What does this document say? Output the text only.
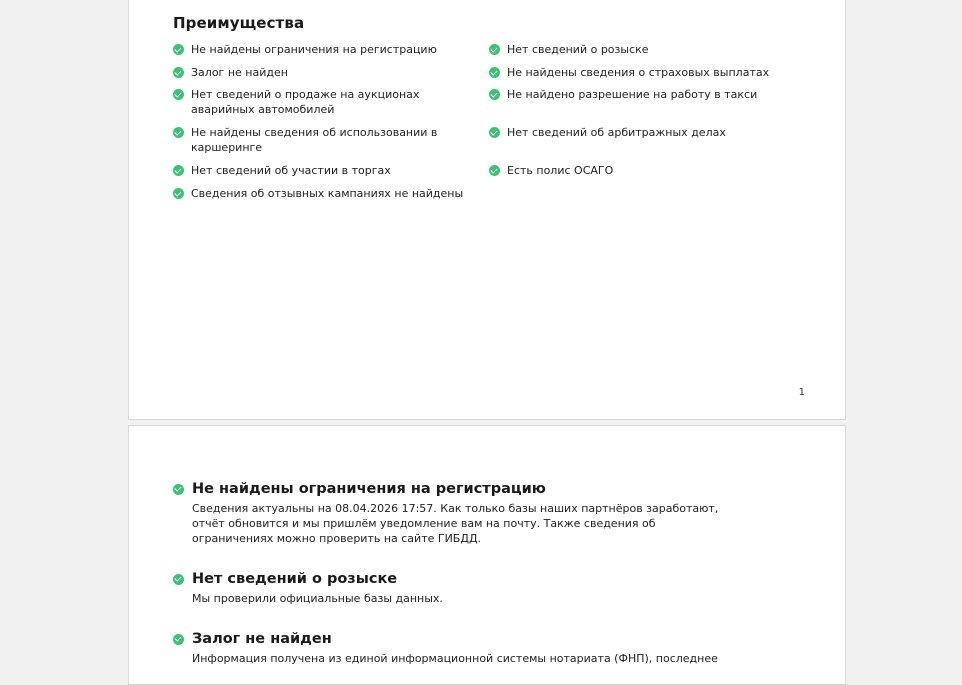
Преимущества
Не найдены ограничения на регистрацию
Залог не найден
Нет сведений о продаже на аукционах аварийных автомобилей
Не найдены сведения об использовании в каршеринге
Нет сведений об участии в торгах
Сведения об отзывных кампаниях не найдены
Нет сведений о розыске
Не найдены сведения о страховых выплатах
Не найдено разрешение на работу в такси
Нет сведений об арбитражных делах
Есть полис ОСАГО
1
Не найдены ограничения на регистрацию

Сведения актуальны на 08.04.2026 17:57. Как только базы наших партнёров заработают, отчёт обновится и мы пришлём уведомление вам на почту. Также сведения об ограничениях можно проверить на сайте ГИБДД.

Нет сведений о розыске

Мы проверили официальные базы данных.

Залог не найден

Информация получена из единой информационной системы нотариата (ФНП), последнее
